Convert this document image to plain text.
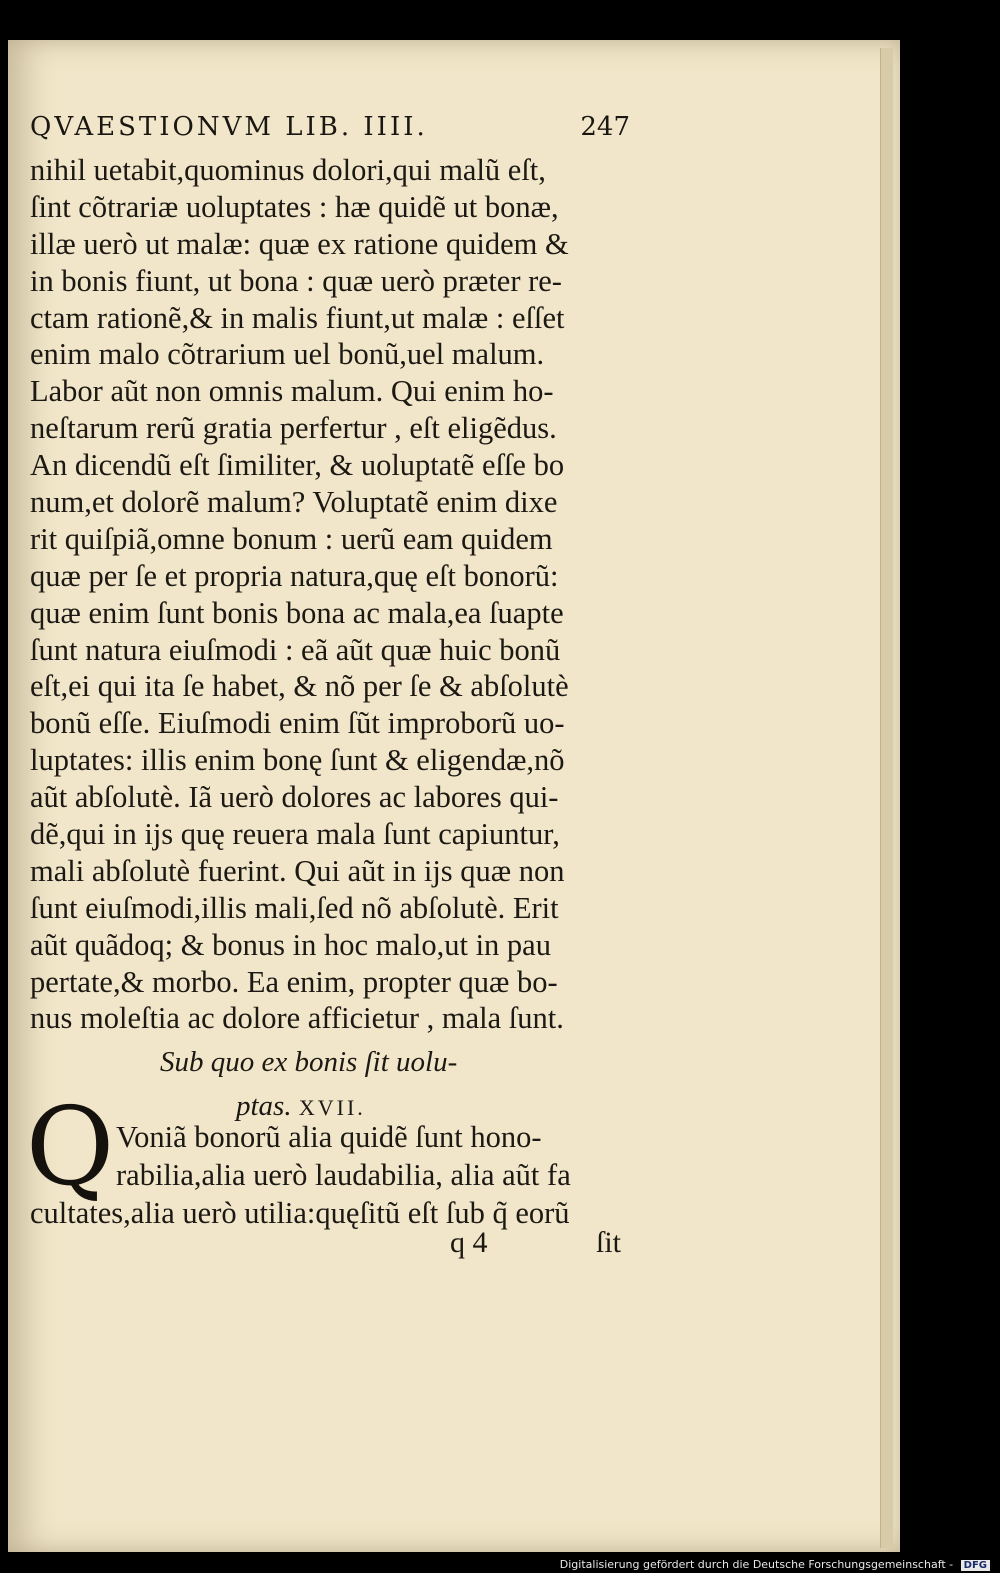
QVAESTIONVM LIB. IIII.	247
nihil uetabit,quominus dolori,qui malũ eſt,
ſint cõtrariæ uoluptates : hæ quidẽ ut bonæ,
illæ uerò ut malæ: quæ ex ratione quidem &
in bonis fiunt, ut bona : quæ uerò præter re-
ctam rationẽ,& in malis fiunt,ut malæ : eſſet
enim malo cõtrarium uel bonũ,uel malum.
Labor aũt non omnis malum. Qui enim ho-
neſtarum rerũ gratia perfertur , eſt eligẽdus.
An dicendũ eſt ſimiliter, & uoluptatẽ eſſe bo
num,et dolorẽ malum? Voluptatẽ enim dixe
rit quiſpiã,omne bonum : uerũ eam quidem
quæ per ſe et propria natura,quę eſt bonorũ:
quæ enim ſunt bonis bona ac mala,ea ſuapte
ſunt natura eiuſmodi : eã aũt quæ huic bonũ
eſt,ei qui ita ſe habet, & nõ per ſe & abſolutè
bonũ eſſe. Eiuſmodi enim ſũt improborũ uo-
luptates: illis enim bonę ſunt & eligendæ,nõ
aũt abſolutè. Iã uerò dolores ac labores qui-
dẽ,qui in ijs quę reuera mala ſunt capiuntur,
mali abſolutè fuerint. Qui aũt in ijs quæ non
ſunt eiuſmodi,illis mali,ſed nõ abſolutè. Erit
aũt quãdoq; & bonus in hoc malo,ut in pau
pertate,& morbo. Ea enim, propter quæ bo-
nus moleſtia ac dolore afficietur , mala ſunt.
Sub quo ex bonis ſit uolu-
ptas. XVII.
Q Voniã bonorũ alia quidẽ ſunt hono-
rabilia,alia uerò laudabilia, alia aũt fa
cultates,alia uerò utilia:quęſitũ eſt ſub q̃ eorũ
q 4	ſit
Digitalisierung gefördert durch die Deutsche Forschungsgemeinschaft - DFG
